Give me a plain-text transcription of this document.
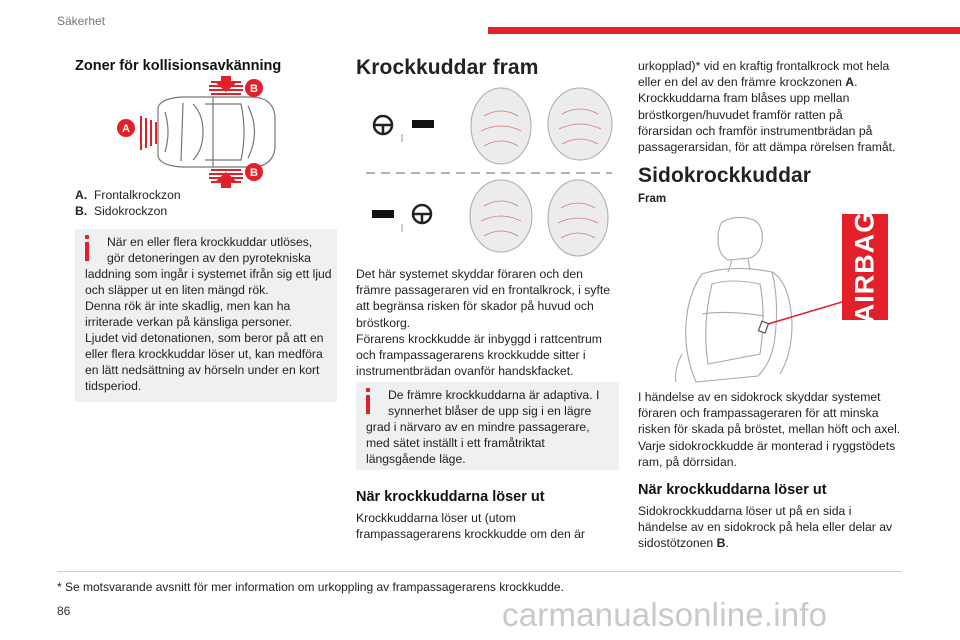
Säkerhet
Zoner för kollisionsavkänning
A
B
B
A. Frontalkrockzon
B. Sidokrockzon
När en eller flera krockkuddar utlöses,
gör detoneringen av den pyrotekniska
laddning som ingår i systemet ifrån sig ett ljud
och släpper ut en liten mängd rök.
Denna rök är inte skadlig, men kan ha
irriterade verkan på känsliga personer.
Ljudet vid detonationen, som beror på att en
eller flera krockkuddar löser ut, kan medföra
en lätt nedsättning av hörseln under en kort
tidsperiod.
Krockkuddar fram
Det här systemet skyddar föraren och den
främre passageraren vid en frontalkrock, i syfte
att begränsa risken för skador på huvud och
bröstkorg.
Förarens krockkudde är inbyggd i rattcentrum
och frampassagerarens krockkudde sitter i
instrumentbrädan ovanför handskfacket.
De främre krockkuddarna är adaptiva. I
synnerhet blåser de upp sig i en lägre
grad i närvaro av en mindre passagerare,
med sätet inställt i ett framåtriktat
längsgående läge.
När krockkuddarna löser ut
Krockkuddarna löser ut (utom
frampassagerarens krockkudde om den är
urkopplad)* vid en kraftig frontalkrock mot hela
eller en del av den främre krockzonen A.
Krockkuddarna fram blåses upp mellan
bröstkorgen/huvudet framför ratten på
förarsidan och framför instrumentbrädan på
passagerarsidan, för att dämpa rörelsen framåt.
Sidokrockkuddar
Fram
AIRBAG
I händelse av en sidokrock skyddar systemet
föraren och frampassageraren för att minska
risken för skada på bröstet, mellan höft och axel.
Varje sidokrockkudde är monterad i ryggstödets
ram, på dörrsidan.
När krockkuddarna löser ut
Sidokrockkuddarna löser ut på en sida i
händelse av en sidokrock på hela eller delar av
sidostötzonen B.
* Se motsvarande avsnitt för mer information om urkoppling av frampassagerarens krockkudde.
86	carmanualsonline.info
